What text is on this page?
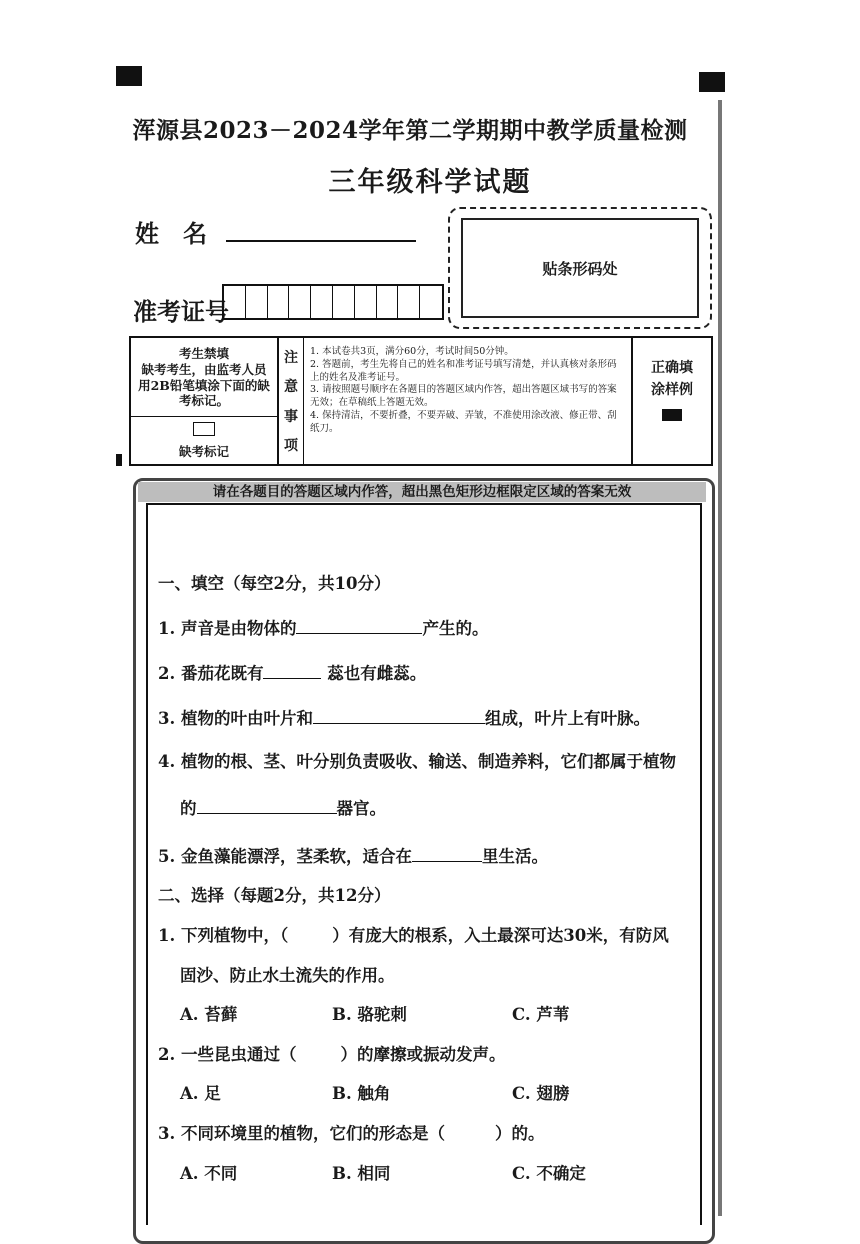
浑源县2023－2024学年第二学期期中教学质量检测
三年级科学试题
姓　名
准考证号
贴条形码处
考生禁填
缺考考生，由监考人员用2B铅笔填涂下面的缺考标记。
缺考标记
注
意
事
项
1. 本试卷共3页，满分60分，考试时间50分钟。
2. 答题前，考生先将自己的姓名和准考证号填写清楚，并认真核对条形码上的姓名及准考证号。
3. 请按照题号顺序在各题目的答题区域内作答，超出答题区域书写的答案无效；在草稿纸上答题无效。
4. 保持清洁，不要折叠，不要弄破、弄皱，不准使用涂改液、修正带、刮纸刀。
正确填涂样例
请在各题目的答题区域内作答，超出黑色矩形边框限定区域的答案无效
一、填空（每空2分，共10分）
1. 声音是由物体的	产生的。
2. 番茄花既有	蕊也有雌蕊。
3. 植物的叶由叶片和	组成，叶片上有叶脉。
4. 植物的根、茎、叶分别负责吸收、输送、制造养料，它们都属于植物
的	器官。
5. 金鱼藻能漂浮，茎柔软，适合在	里生活。
二、选择（每题2分，共12分）
1. 下列植物中，（	）有庞大的根系，入土最深可达30米，有防风
固沙、防止水土流失的作用。
A. 苔藓	B. 骆驼刺	C. 芦苇
2. 一些昆虫通过（	）的摩擦或振动发声。
A. 足	B. 触角	C. 翅膀
3. 不同环境里的植物，它们的形态是（	）的。
A. 不同	B. 相同	C. 不确定
